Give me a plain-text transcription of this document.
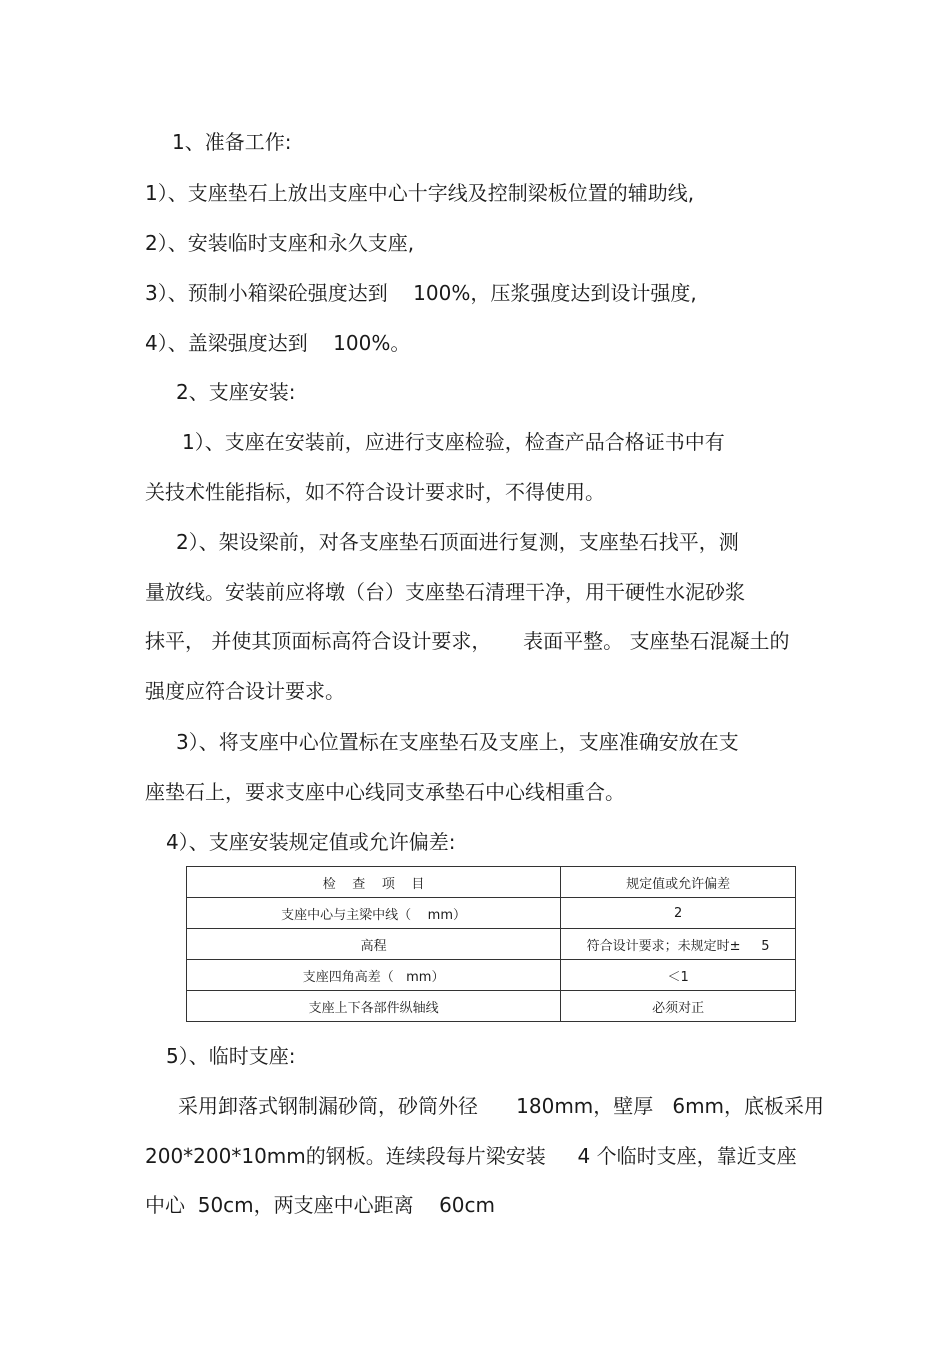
1、准备工作:
1）、支座垫石上放出支座中心十字线及控制梁板位置的辅助线,
2）、安装临时支座和永久支座,
3）、预制小箱梁砼强度达到    100%，压浆强度达到设计强度,
4）、盖梁强度达到    100%。
2、支座安装:
1）、支座在安装前，应进行支座检验，检查产品合格证书中有
关技术性能指标，如不符合设计要求时，不得使用。
2）、架设梁前，对各支座垫石顶面进行复测，支座垫石找平，测
量放线。安装前应将墩（台）支座垫石清理干净，用干硬性水泥砂浆
抹平， 并使其顶面标高符合设计要求，     表面平整。 支座垫石混凝土的
强度应符合设计要求。
3）、将支座中心位置标在支座垫石及支座上，支座准确安放在支
座垫石上，要求支座中心线同支承垫石中心线相重合。
4）、支座安装规定值或允许偏差:
检    查    项    目	规定值或允许偏差
支座中心与主梁中线（    mm）	2
高程	符合设计要求；未规定时±     5
支座四角高差（   mm）	＜1
支座上下各部件纵轴线	必须对正
5）、临时支座:
采用卸落式钢制漏砂筒，砂筒外径      180mm，壁厚   6mm，底板采用
200*200*10mm的钢板。连续段每片梁安装     4 个临时支座，靠近支座
中心  50cm，两支座中心距离    60cm
